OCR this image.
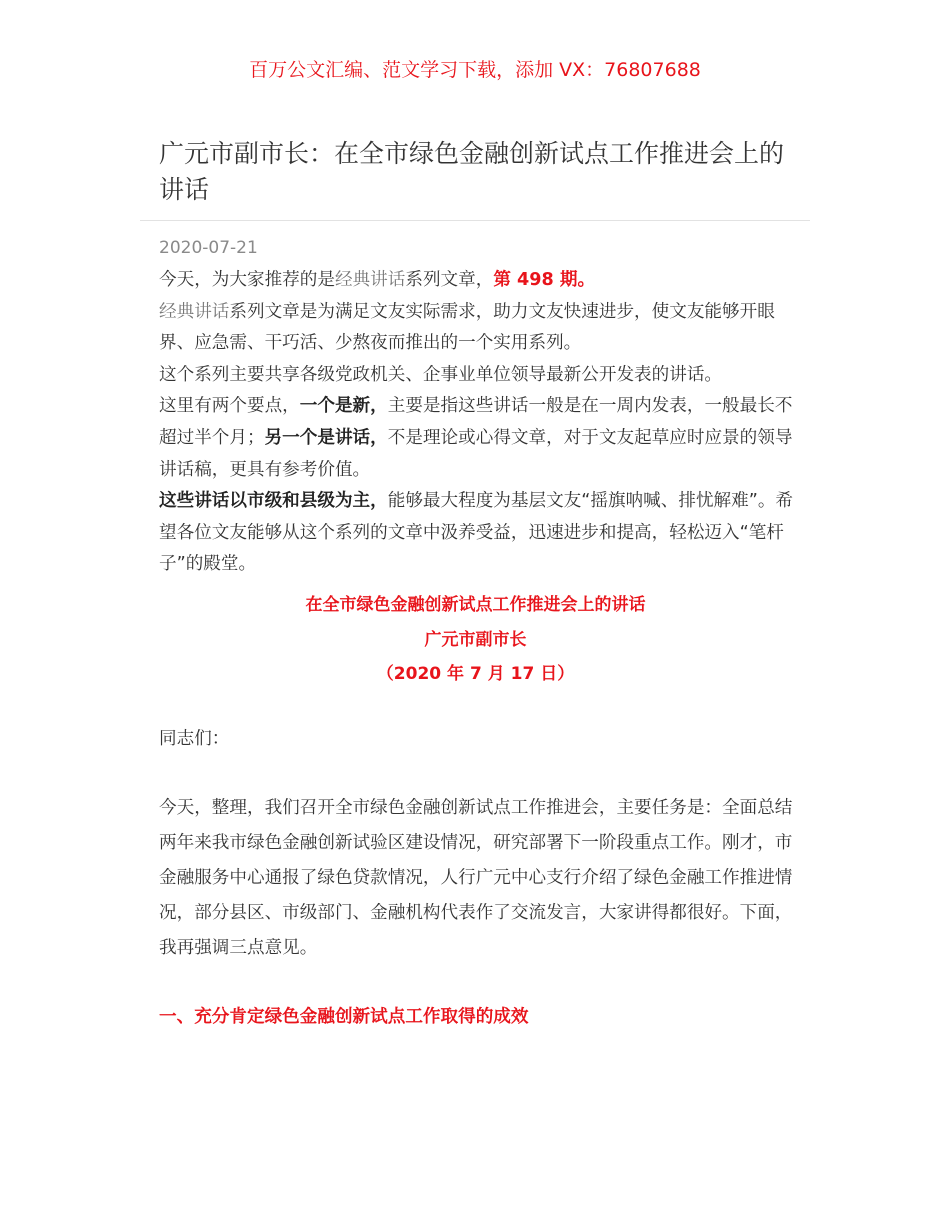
百万公文汇编、范文学习下载，添加 VX：76807688
广元市副市长：在全市绿色金融创新试点工作推进会上的讲话
2020-07-21

今天，为大家推荐的是经典讲话系列文章，第 498 期。

经典讲话系列文章是为满足文友实际需求，助力文友快速进步，使文友能够开眼界、应急需、干巧活、少熬夜而推出的一个实用系列。

这个系列主要共享各级党政机关、企事业单位领导最新公开发表的讲话。

这里有两个要点，一个是新，主要是指这些讲话一般是在一周内发表，一般最长不超过半个月；另一个是讲话，不是理论或心得文章，对于文友起草应时应景的领导讲话稿，更具有参考价值。

这些讲话以市级和县级为主，能够最大程度为基层文友“摇旗呐喊、排忧解难”。希望各位文友能够从这个系列的文章中汲养受益，迅速进步和提高，轻松迈入“笔杆子”的殿堂。

在全市绿色金融创新试点工作推进会上的讲话
广元市副市长
（2020 年 7 月 17 日）

同志们：

今天，整理，我们召开全市绿色金融创新试点工作推进会，主要任务是：全面总结两年来我市绿色金融创新试验区建设情况，研究部署下一阶段重点工作。刚才，市金融服务中心通报了绿色贷款情况，人行广元中心支行介绍了绿色金融工作推进情况，部分县区、市级部门、金融机构代表作了交流发言，大家讲得都很好。下面，我再强调三点意见。

一、充分肯定绿色金融创新试点工作取得的成效
